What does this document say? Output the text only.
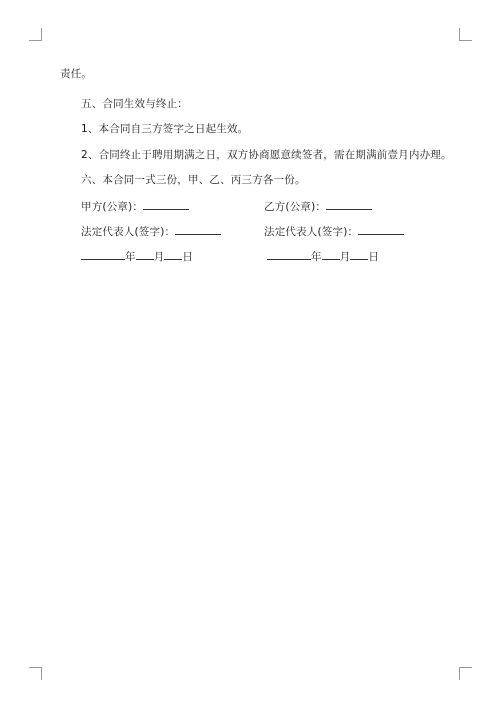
责任。
五、合同生效与终止：
1、本合同自三方签字之日起生效。
2、合同终止于聘用期满之日，双方协商愿意续签者，需在期满前壹月内办理。
六、本合同一式三份，甲、乙、丙三方各一份。
甲方(公章)：	乙方(公章)：
法定代表人(签字)：	法定代表人(签字)：
年 月 日	年 月 日
